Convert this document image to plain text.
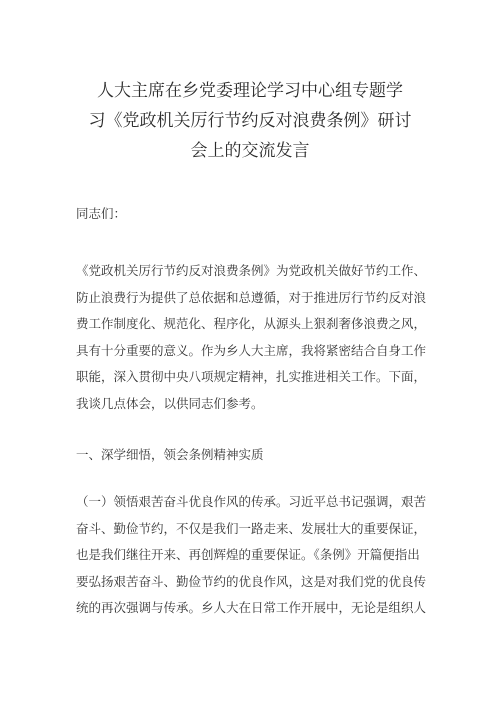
人大主席在乡党委理论学习中心组专题学
习《党政机关厉行节约反对浪费条例》研讨
会上的交流发言
同志们：
《党政机关厉行节约反对浪费条例》为党政机关做好节约工作、
防止浪费行为提供了总依据和总遵循，对于推进厉行节约反对浪
费工作制度化、规范化、程序化，从源头上狠刹奢侈浪费之风，
具有十分重要的意义。作为乡人大主席，我将紧密结合自身工作
职能，深入贯彻中央八项规定精神，扎实推进相关工作。下面，
我谈几点体会，以供同志们参考。
一、深学细悟，领会条例精神实质
（一）领悟艰苦奋斗优良作风的传承。习近平总书记强调，艰苦
奋斗、勤俭节约，不仅是我们一路走来、发展壮大的重要保证，
也是我们继往开来、再创辉煌的重要保证。《条例》开篇便指出
要弘扬艰苦奋斗、勤俭节约的优良作风，这是对我们党的优良传
统的再次强调与传承。乡人大在日常工作开展中，无论是组织人
